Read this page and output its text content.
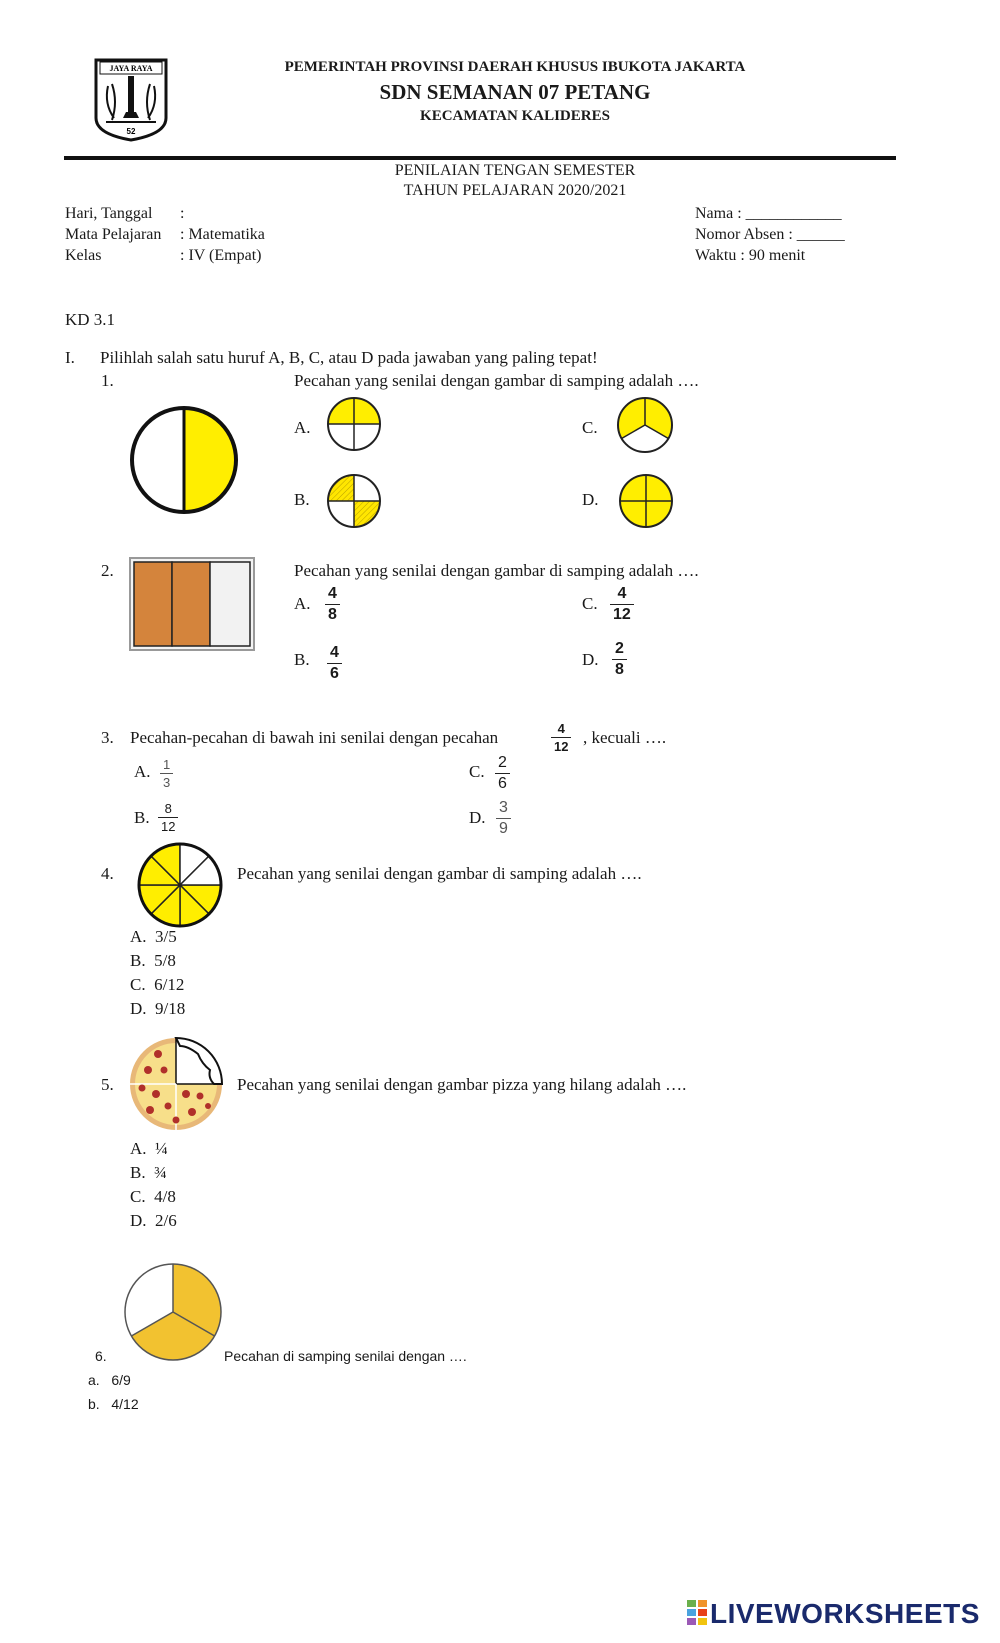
JAYA RAYA
52
PEMERINTAH PROVINSI DAERAH KHUSUS IBUKOTA JAKARTA
SDN SEMANAN 07 PETANG
KECAMATAN KALIDERES
PENILAIAN TENGAN SEMESTER
TAHUN PELAJARAN 2020/2021
Hari, Tanggal :
Mata Pelajaran : Matematika
Kelas	: IV (Empat)
Nama : ____________
Nomor Absen : ______
Waktu : 90 menit
KD 3.1
I. Pilihlah salah satu huruf A, B, C, atau D pada jawaban yang paling tepat!
1.	Pecahan yang senilai dengan gambar di samping adalah ….
A.
B.
C.
D.
2.	Pecahan yang senilai dengan gambar di samping adalah ….
A. $\frac{4}{8}$
B. $\frac{4}{6}$
C. $\frac{4}{12}$
D. $\frac{2}{8}$
3. Pecahan-pecahan di bawah ini senilai dengan pecahan	$\frac{4}{12}$ , kecuali ….
A. $\frac{1}{3}$
B. $\frac{8}{12}$
C. $\frac{2}{6}$
D. $\frac{3}{9}$
4.	Pecahan yang senilai dengan gambar di samping adalah ….
A. 3/5
B. 5/8
C. 6/12
D. 9/18
5.	Pecahan yang senilai dengan gambar pizza yang hilang adalah ….
A. ¼
B. ¾
C. 4/8
D. 2/6
6.	Pecahan di samping senilai dengan ….
a. 6/9
b. 4/12
LIVEWORKSHEETS
